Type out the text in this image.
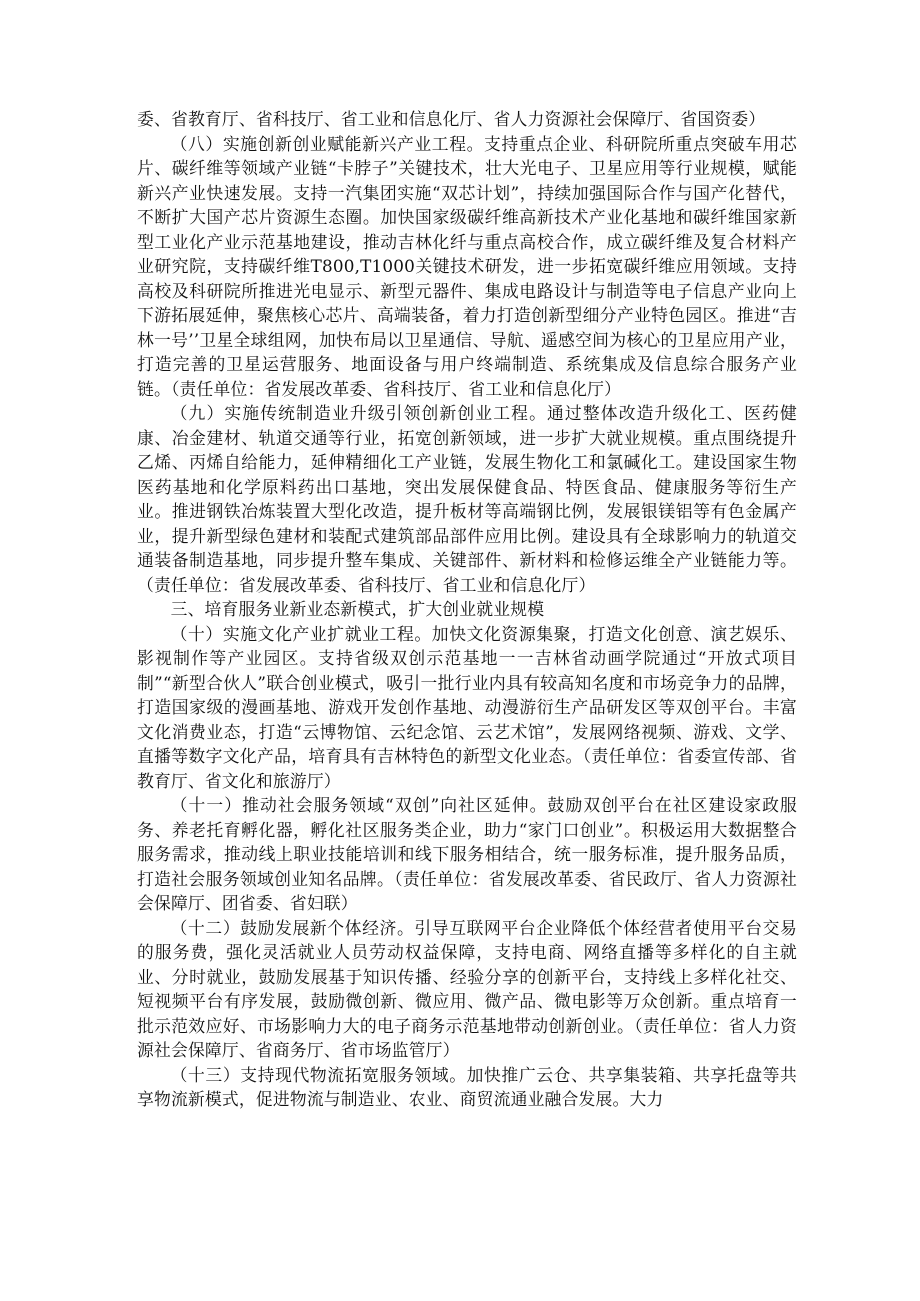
委、省教育厅、省科技厅、省工业和信息化厅、省人力资源社会保障厅、省国资委）

（八）实施创新创业赋能新兴产业工程。支持重点企业、科研院所重点突破车用芯片、碳纤维等领域产业链“卡脖子”关键技术，壮大光电子、卫星应用等行业规模，赋能新兴产业快速发展。支持一汽集团实施“双芯计划”，持续加强国际合作与国产化替代，不断扩大国产芯片资源生态圈。加快国家级碳纤维高新技术产业化基地和碳纤维国家新型工业化产业示范基地建设，推动吉林化纤与重点高校合作，成立碳纤维及复合材料产业研究院，支持碳纤维T800,T1000关键技术研发，进一步拓宽碳纤维应用领域。支持高校及科研院所推进光电显示、新型元器件、集成电路设计与制造等电子信息产业向上下游拓展延伸，聚焦核心芯片、高端装备，着力打造创新型细分产业特色园区。推进“吉林一号’’卫星全球组网，加快布局以卫星通信、导航、遥感空间为核心的卫星应用产业，打造完善的卫星运营服务、地面设备与用户终端制造、系统集成及信息综合服务产业链。（责任单位：省发展改革委、省科技厅、省工业和信息化厅）

（九）实施传统制造业升级引领创新创业工程。通过整体改造升级化工、医药健康、冶金建材、轨道交通等行业，拓宽创新领域，进一步扩大就业规模。重点围绕提升乙烯、丙烯自给能力，延伸精细化工产业链，发展生物化工和氯碱化工。建设国家生物医药基地和化学原料药出口基地，突出发展保健食品、特医食品、健康服务等衍生产业。推进钢铁冶炼装置大型化改造，提升板材等高端钢比例，发展银镁铝等有色金属产业，提升新型绿色建材和装配式建筑部品部件应用比例。建设具有全球影响力的轨道交通装备制造基地，同步提升整车集成、关键部件、新材料和检修运维全产业链能力等。（责任单位：省发展改革委、省科技厅、省工业和信息化厅）

三、培育服务业新业态新模式，扩大创业就业规模

（十）实施文化产业扩就业工程。加快文化资源集聚，打造文化创意、演艺娱乐、影视制作等产业园区。支持省级双创示范基地一一吉林省动画学院通过“开放式项目制”“新型合伙人”联合创业模式，吸引一批行业内具有较高知名度和市场竞争力的品牌，打造国家级的漫画基地、游戏开发创作基地、动漫游衍生产品研发区等双创平台。丰富文化消费业态，打造“云博物馆、云纪念馆、云艺术馆”，发展网络视频、游戏、文学、直播等数字文化产品，培育具有吉林特色的新型文化业态。（责任单位：省委宣传部、省教育厅、省文化和旅游厅）

（十一）推动社会服务领域“双创”向社区延伸。鼓励双创平台在社区建设家政服务、养老托育孵化器，孵化社区服务类企业，助力“家门口创业”。积极运用大数据整合服务需求，推动线上职业技能培训和线下服务相结合，统一服务标准，提升服务品质，打造社会服务领域创业知名品牌。（责任单位：省发展改革委、省民政厅、省人力资源社会保障厅、团省委、省妇联）

（十二）鼓励发展新个体经济。引导互联网平台企业降低个体经营者使用平台交易的服务费，强化灵活就业人员劳动权益保障，支持电商、网络直播等多样化的自主就业、分时就业，鼓励发展基于知识传播、经验分享的创新平台，支持线上多样化社交、短视频平台有序发展，鼓励微创新、微应用、微产品、微电影等万众创新。重点培育一批示范效应好、市场影响力大的电子商务示范基地带动创新创业。（责任单位：省人力资源社会保障厅、省商务厅、省市场监管厅）

（十三）支持现代物流拓宽服务领域。加快推广云仓、共享集装箱、共享托盘等共享物流新模式，促进物流与制造业、农业、商贸流通业融合发展。大力
